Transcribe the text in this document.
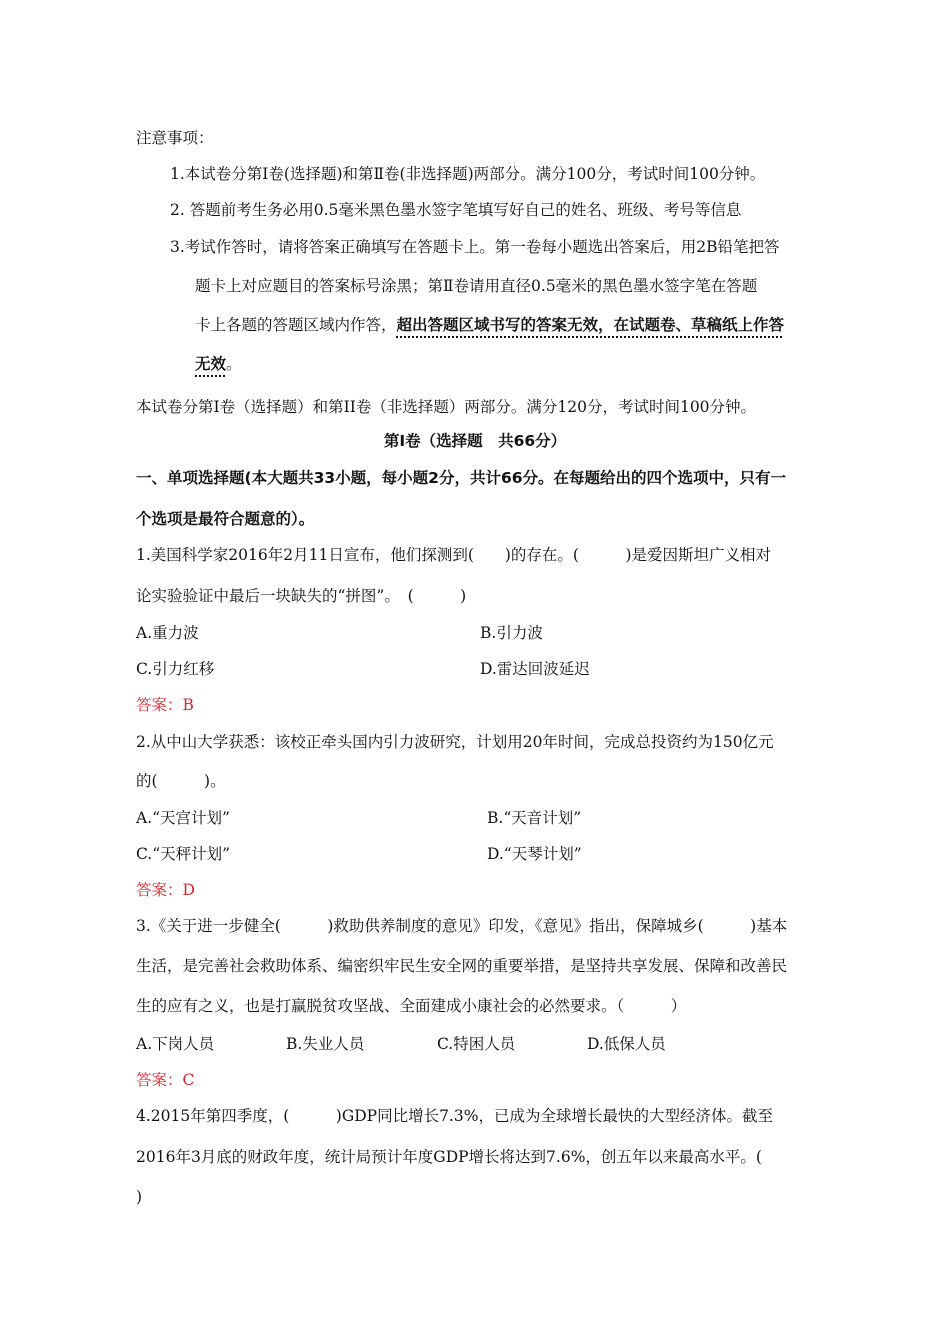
注意事项：
1.本试卷分第Ⅰ卷(选择题)和第Ⅱ卷(非选择题)两部分。满分100分，考试时间100分钟。
2. 答题前考生务必用0.5毫米黑色墨水签字笔填写好自己的姓名、班级、考号等信息
3.考试作答时，请将答案正确填写在答题卡上。第一卷每小题选出答案后，用2B铅笔把答
题卡上对应题目的答案标号涂黑；第Ⅱ卷请用直径0.5毫米的黑色墨水签字笔在答题
卡上各题的答题区域内作答，超出答题区域书写的答案无效，在试题卷、草稿纸上作答
无效。
本试卷分第Ⅰ卷（选择题）和第II卷（非选择题）两部分。满分120分，考试时间100分钟。
第Ⅰ卷（选择题　共66分）
一、单项选择题(本大题共33小题，每小题2分，共计66分。在每题给出的四个选项中，只有一
个选项是最符合题意的）。
1.美国科学家2016年2月11日宣布，他们探测到(　　)的存在。(　　　)是爱因斯坦广义相对
论实验验证中最后一块缺失的“拼图”。　(　　　)
A.重力波	B.引力波
C.引力红移	D.雷达回波延迟
答案：B
2.从中山大学获悉：该校正牵头国内引力波研究，计划用20年时间，完成总投资约为150亿元
的(　　　)。
A.“天宫计划”	B.“天音计划”
C.“天秤计划”	D.“天琴计划”
答案：D
3.《关于进一步健全(　　　)救助供养制度的意见》印发，《意见》指出，保障城乡(　　　)基本
生活，是完善社会救助体系、编密织牢民生安全网的重要举措，是坚持共享发展、保障和改善民
生的应有之义，也是打赢脱贫攻坚战、全面建成小康社会的必然要求。（　　　）
A.下岗人员	B.失业人员	C.特困人员	D.低保人员
答案：C
4.2015年第四季度，(　　　)GDP同比增长7.3%，已成为全球增长最快的大型经济体。截至
2016年3月底的财政年度，统计局预计年度GDP增长将达到7.6%，创五年以来最高水平。(
)
